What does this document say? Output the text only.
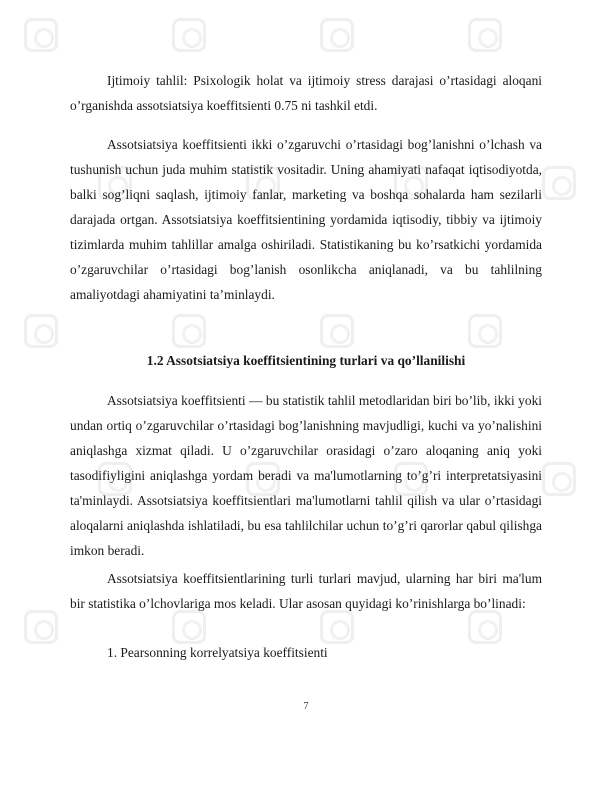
Ijtimoiy tahlil: Psixologik holat va ijtimoiy stress darajasi o’rtasidagi aloqani o’rganishda assotsiatsiya koeffitsienti 0.75 ni tashkil etdi.

Assotsiatsiya koeffitsienti ikki o’zgaruvchi o’rtasidagi bog’lanishni o’lchash va tushunish uchun juda muhim statistik vositadir. Uning ahamiyati nafaqat iqtisodiyotda, balki sog’liqni saqlash, ijtimoiy fanlar, marketing va boshqa sohalarda ham sezilarli darajada ortgan. Assotsiatsiya koeffitsientining yordamida iqtisodiy, tibbiy va ijtimoiy tizimlarda muhim tahlillar amalga oshiriladi. Statistikaning bu ko’rsatkichi yordamida o’zgaruvchilar o’rtasidagi bog’lanish osonlikcha aniqlanadi, va bu tahlilning amaliyotdagi ahamiyatini ta’minlaydi.

1.2 Assotsiatsiya koeffitsientining turlari va qo’llanilishi

Assotsiatsiya koeffitsienti — bu statistik tahlil metodlaridan biri bo’lib, ikki yoki undan ortiq o’zgaruvchilar o’rtasidagi bog’lanishning mavjudligi, kuchi va yo’nalishini aniqlashga xizmat qiladi. U o’zgaruvchilar orasidagi o’zaro aloqaning aniq yoki tasodifiyligini aniqlashga yordam beradi va ma'lumotlarning to’g’ri interpretatsiyasini ta'minlaydi. Assotsiatsiya koeffitsientlari ma'lumotlarni tahlil qilish va ular o’rtasidagi aloqalarni aniqlashda ishlatiladi, bu esa tahlilchilar uchun to’g’ri qarorlar qabul qilishga imkon beradi.

Assotsiatsiya koeffitsientlarining turli turlari mavjud, ularning har biri ma'lum bir statistika o’lchovlariga mos keladi. Ular asosan quyidagi ko’rinishlarga bo’linadi:

1. Pearsonning korrelyatsiya koeffitsienti

7
